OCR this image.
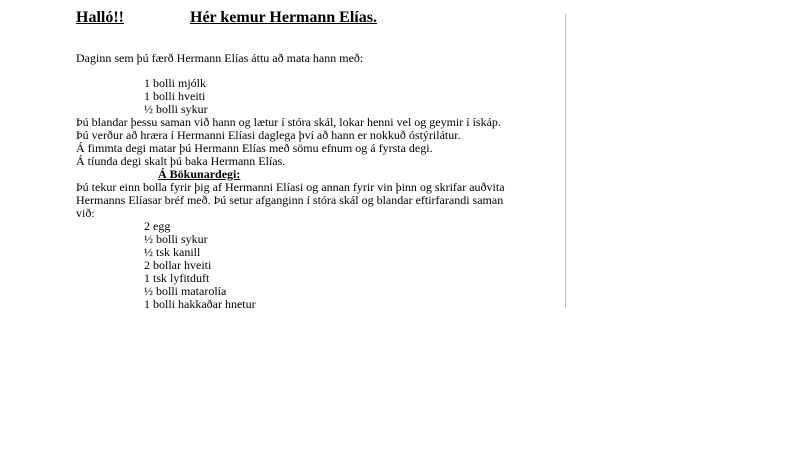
Halló!!	Hér kemur Hermann Elías.
Daginn sem þú færð Hermann Elías áttu að mata hann með:
1 bolli mjólk
1 bolli hveiti
½ bolli sykur
Þú blandar þessu saman við hann og lætur í stóra skál, lokar henni vel og geymir í ískáp.
Þú verður að hræra í Hermanni Elíasi daglega því að hann er nokkuð óstýrilátur.
Á fimmta degi matar þú Hermann Elías með sömu efnum og á fyrsta degi.
Á tíunda degi skalt þú baka Hermann Elías.
Á Bökunardegi:
Þú tekur einn bolla fyrir þig af Hermanni Elíasi og annan fyrir vin þinn og skrifar auðvita
Hermanns Elíasar bréf með. Þú setur afganginn í stóra skál og blandar eftirfarandi saman
við:
2 egg
½ bolli sykur
½ tsk kanill
2 bollar hveiti
1 tsk lyfitduft
½ bolli matarolía
1 bolli hakkaðar hnetur
